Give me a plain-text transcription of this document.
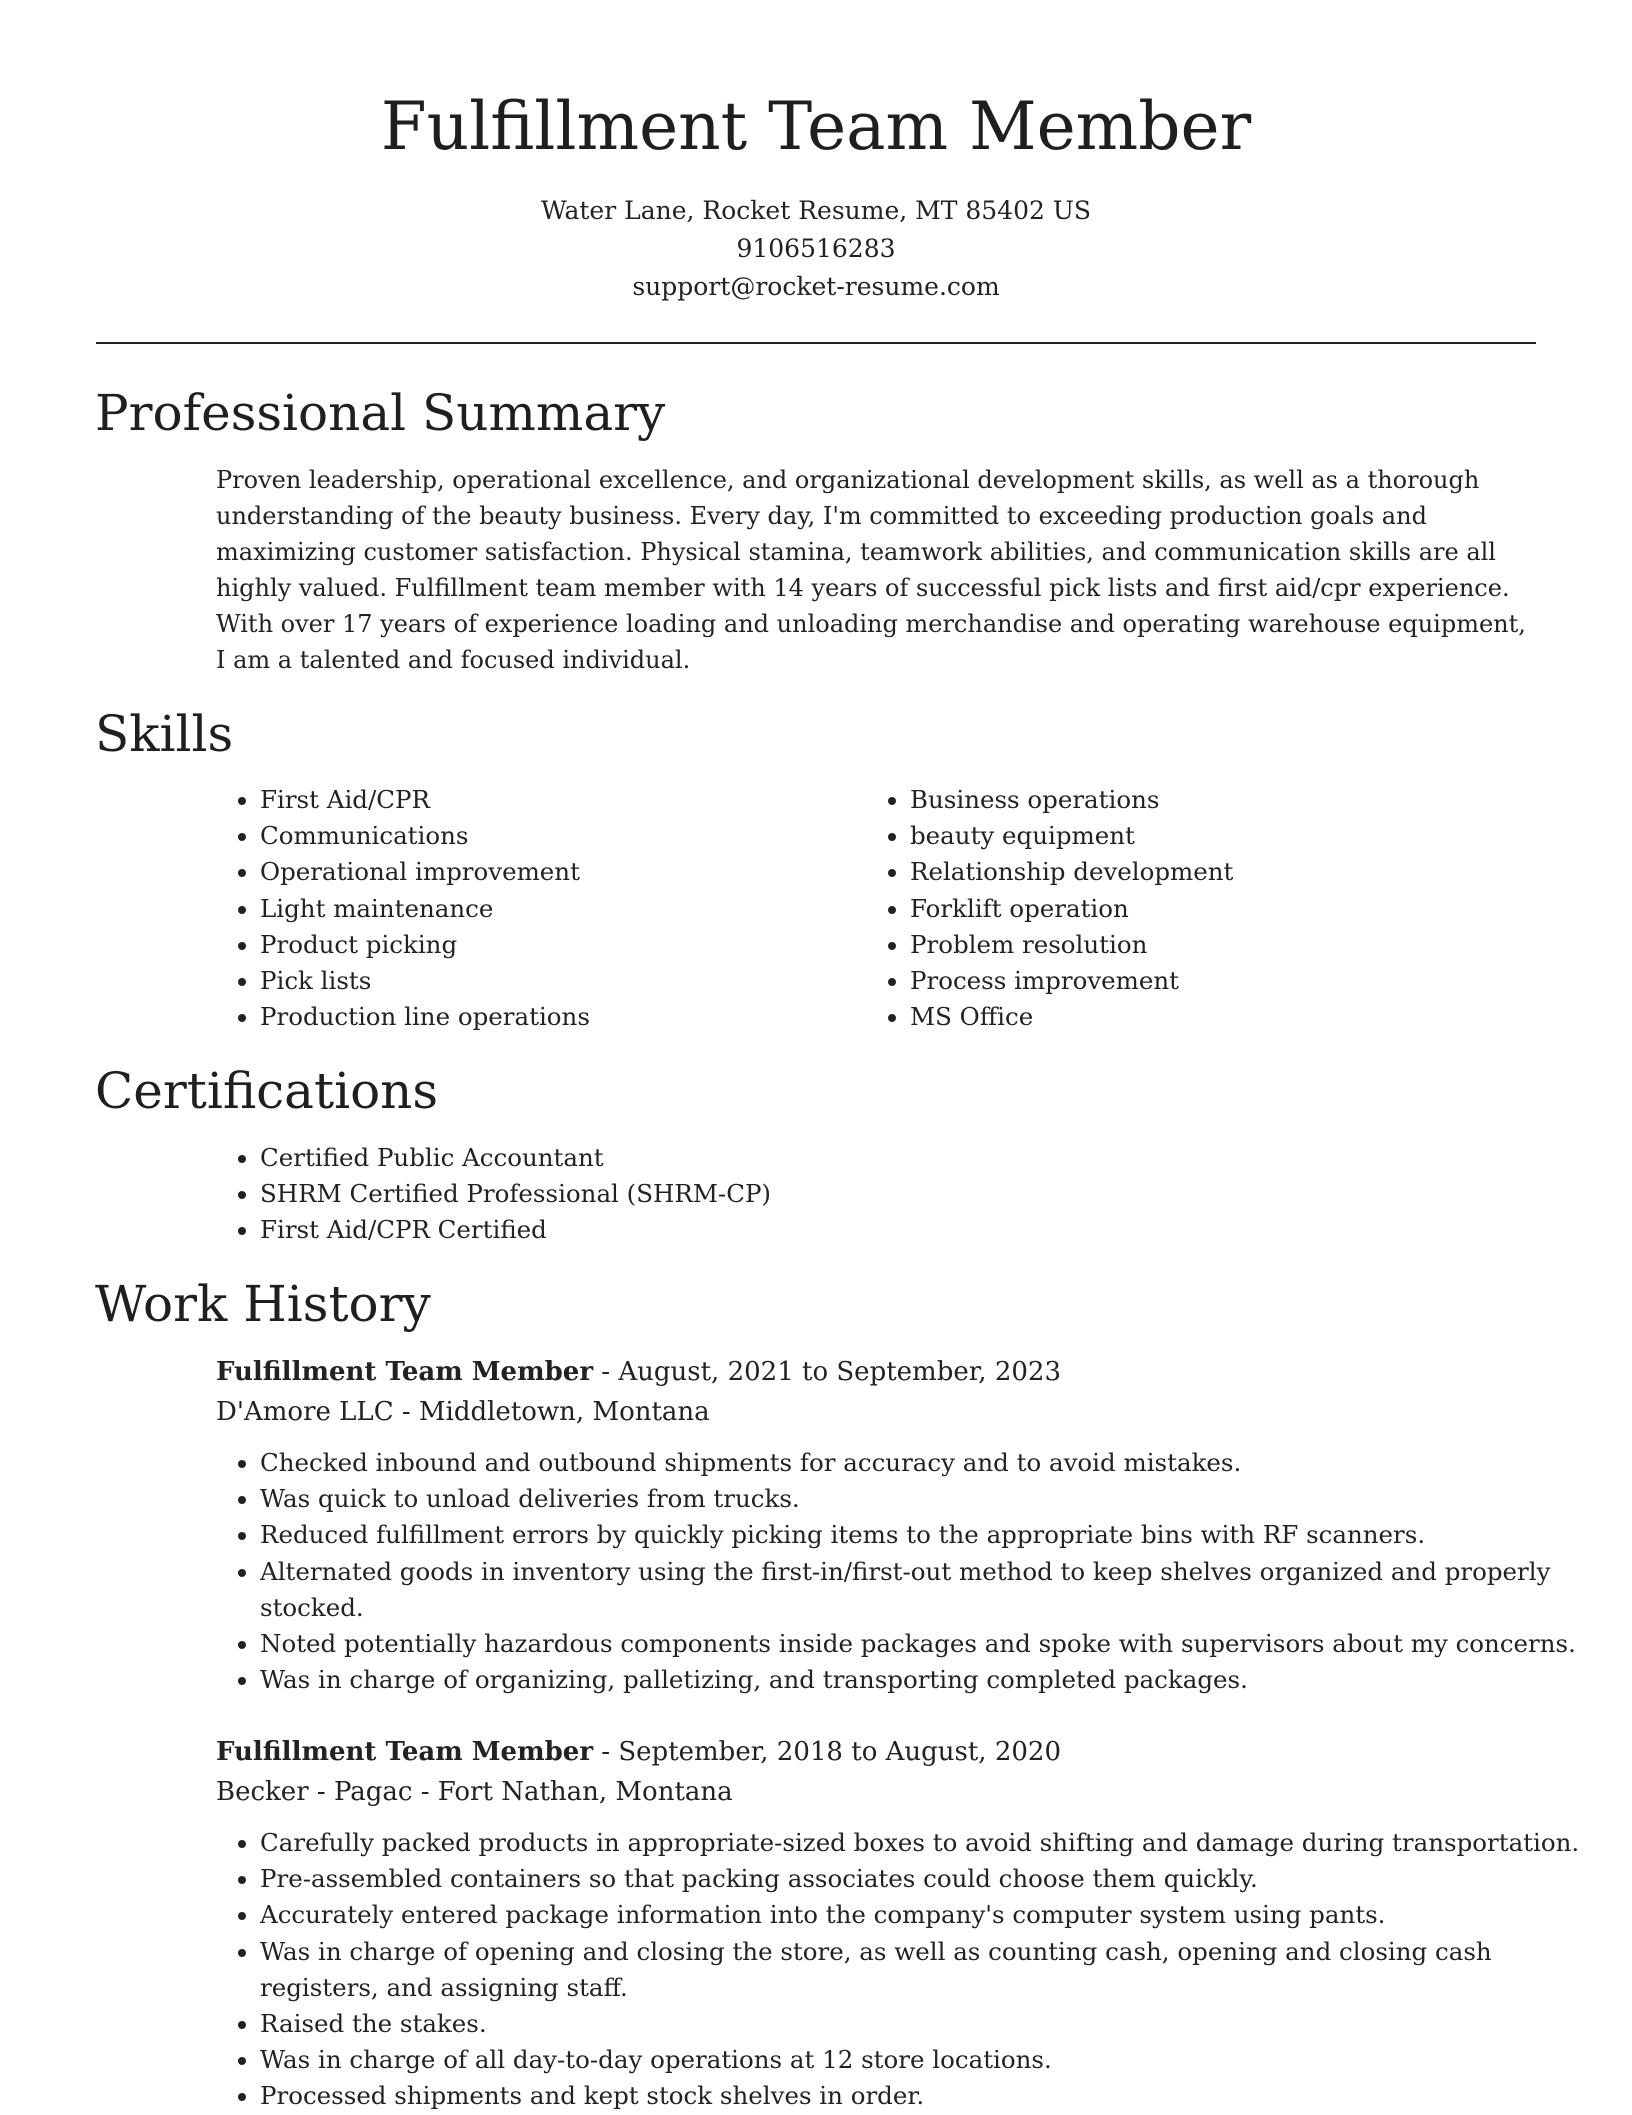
Fulfillment Team Member
Water Lane, Rocket Resume, MT 85402 US
9106516283
support@rocket-resume.com
Professional Summary

Proven leadership, operational excellence, and organizational development skills, as well as a thorough understanding of the beauty business. Every day, I'm committed to exceeding production goals and maximizing customer satisfaction. Physical stamina, teamwork abilities, and communication skills are all highly valued. Fulfillment team member with 14 years of successful pick lists and first aid/cpr experience. With over 17 years of experience loading and unloading merchandise and operating warehouse equipment, I am a talented and focused individual.

Skills
• First Aid/CPR
• Communications
• Operational improvement
• Light maintenance
• Product picking
• Pick lists
• Production line operations
• Business operations
• beauty equipment
• Relationship development
• Forklift operation
• Problem resolution
• Process improvement
• MS Office
Certifications
• Certified Public Accountant
• SHRM Certified Professional (SHRM-CP)
• First Aid/CPR Certified
Work History
Fulfillment Team Member - August, 2021 to September, 2023
D'Amore LLC - Middletown, Montana
• Checked inbound and outbound shipments for accuracy and to avoid mistakes.
• Was quick to unload deliveries from trucks.
• Reduced fulfillment errors by quickly picking items to the appropriate bins with RF scanners.
• Alternated goods in inventory using the first-in/first-out method to keep shelves organized and properly stocked.
• Noted potentially hazardous components inside packages and spoke with supervisors about my concerns.
• Was in charge of organizing, palletizing, and transporting completed packages.
Fulfillment Team Member - September, 2018 to August, 2020
Becker - Pagac - Fort Nathan, Montana
• Carefully packed products in appropriate-sized boxes to avoid shifting and damage during transportation.
• Pre-assembled containers so that packing associates could choose them quickly.
• Accurately entered package information into the company's computer system using pants.
• Was in charge of opening and closing the store, as well as counting cash, opening and closing cash registers, and assigning staff.
• Raised the stakes.
• Was in charge of all day-to-day operations at 12 store locations.
• Processed shipments and kept stock shelves in order.
